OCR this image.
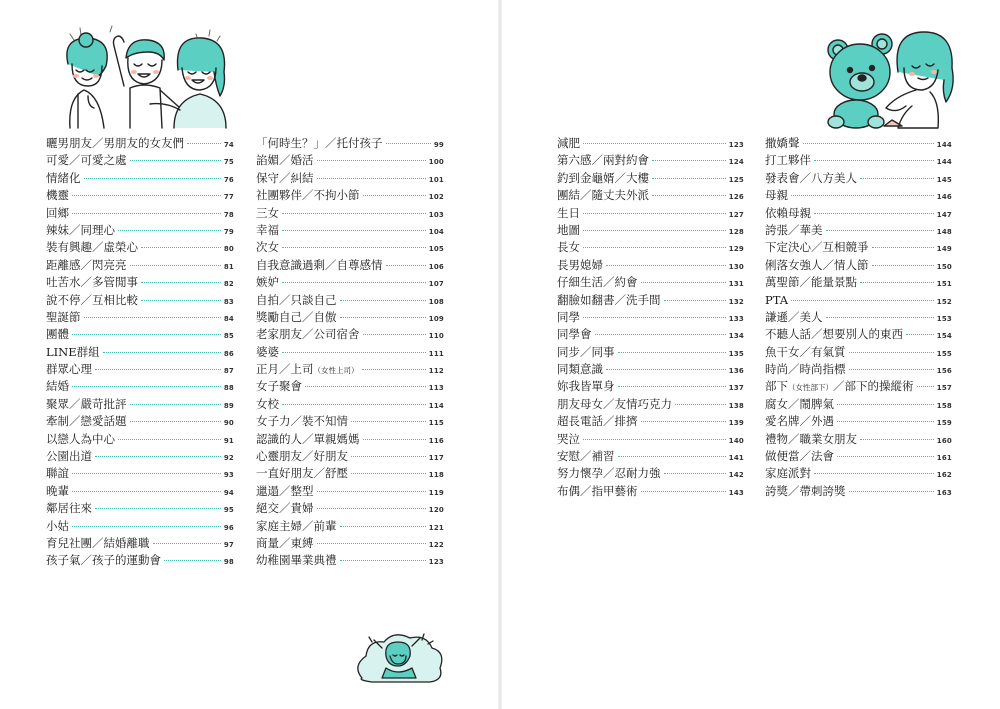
曬男朋友／男朋友的女友們	74
可愛／可愛之處	75
情緒化	76
機靈	77
回鄉	78
辣妹／同理心	79
裝有興趣／虛榮心	80
距離感／閃亮亮	81
吐苦水／多管閒事	82
說不停／互相比較	83
聖誕節	84
團體	85
LINE群組	86
群眾心理	87
結婚	88
聚眾／嚴苛批評	89
牽制／戀愛話題	90
以戀人為中心	91
公園出道	92
聯誼	93
晚輩	94
鄰居往來	95
小姑	96
育兒社團／結婚離職	97
孩子氣／孩子的運動會	98
「何時生？」／托付孩子	99
諂媚／婚活	100
保守／糾結	101
社團夥伴／不拘小節	102
三女	103
幸福	104
次女	105
自我意識過剩／自尊感情	106
嫉妒	107
自拍／只談自己	108
獎勵自己／自傲	109
老家朋友／公司宿舍	110
婆婆	111
正月／上司（女性上司）	112
女子聚會	113
女校	114
女子力／裝不知情	115
認識的人／單親媽媽	116
心靈朋友／好朋友	117
一直好朋友／舒壓	118
邋遢／整型	119
絕交／貴婦	120
家庭主婦／前輩	121
商量／東縛	122
幼稚園畢業典禮	123
減肥	123
第六感／兩對約會	124
釣到金龜婿／大樓	125
團結／隨丈夫外派	126
生日	127
地圖	128
長女	129
長男媳婦	130
仔細生活／約會	131
翻臉如翻書／洗手間	132
同學	133
同學會	134
同步／同事	135
同類意識	136
妳我皆單身	137
朋友母女／友情巧克力	138
超長電話／排擠	139
哭泣	140
安慰／補習	141
努力懷孕／忍耐力強	142
布偶／指甲藝術	143
撒嬌聲	144
打工夥伴	144
發表會／八方美人	145
母親	146
依賴母親	147
誇張／華美	148
下定決心／互相競爭	149
俐落女強人／情人節	150
萬聖節／能量景點	151
PTA	152
謙遜／美人	153
不聽人話／想要別人的東西	154
魚干女／有氣質	155
時尚／時尚指標	156
部下（女性部下）／部下的操縱術	157
腐女／鬧脾氣	158
愛名牌／外遇	159
禮物／職業女朋友	160
做便當／法會	161
家庭派對	162
誇獎／帶刺誇獎	163
